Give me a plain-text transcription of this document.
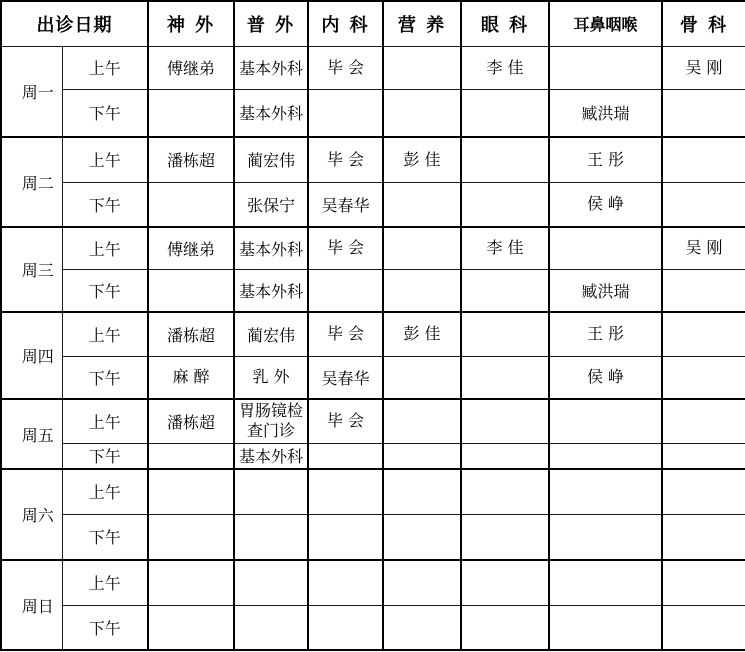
出诊日期		神 外	普 外	内 科	营 养	眼 科	耳鼻咽喉	骨 科
周一	上午	傅继弟	基本外科	毕 会		李 佳		吴 刚
	下午		基本外科				臧洪瑞	
周二	上午	潘栋超	蔺宏伟	毕 会	彭 佳		王 彤	
	下午		张保宁	吴春华			侯 峥	
周三	上午	傅继弟	基本外科	毕 会		李 佳		吴 刚
	下午		基本外科				臧洪瑞	
周四	上午	潘栋超	蔺宏伟	毕 会	彭 佳		王 彤	
	下午	麻 醉	乳 外	吴春华			侯 峥	
周五	上午	潘栋超	胃肠镜检查门诊	毕 会				
	下午		基本外科					
周六	上午							
	下午							
周日	上午							
	下午							
